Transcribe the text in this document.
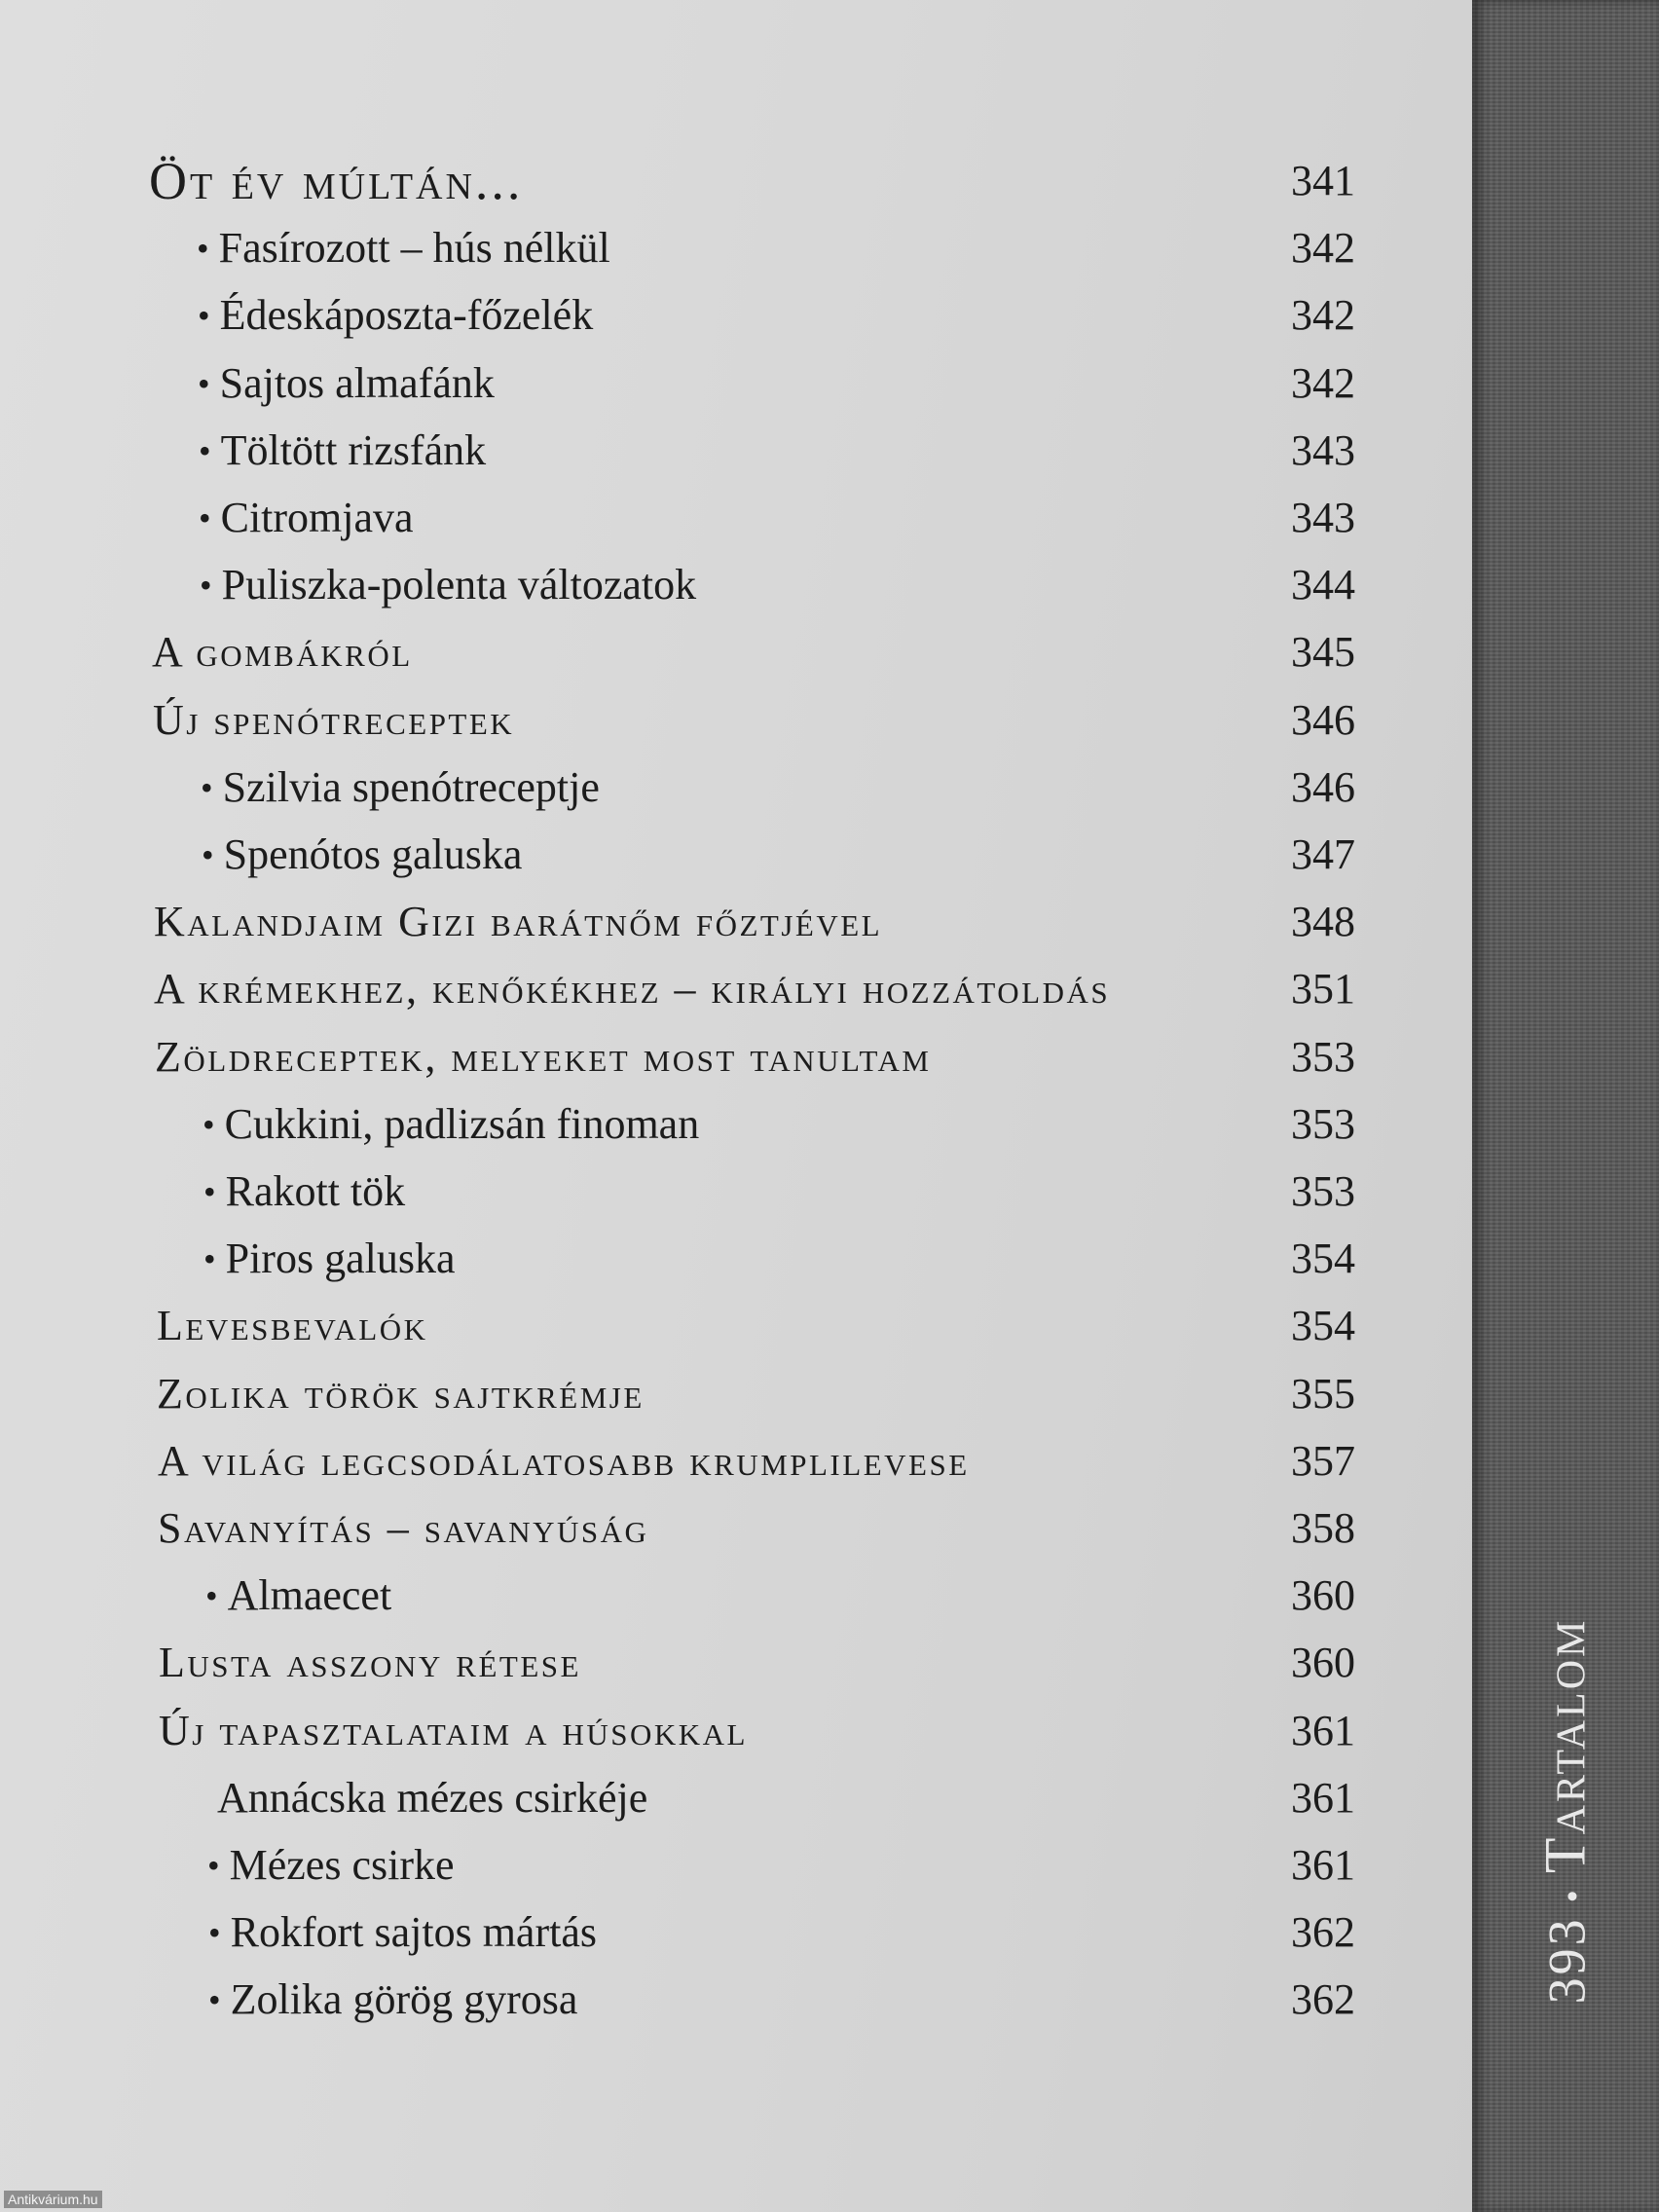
Öt év múltán...	341
• Fasírozott – hús nélkül	342
• Édeskáposzta-főzelék	342
• Sajtos almafánk	342
• Töltött rizsfánk	343
• Citromjava	343
• Puliszka-polenta változatok	344
A gombákról	345
Új spenótreceptek	346
• Szilvia spenótreceptje	346
• Spenótos galuska	347
Kalandjaim Gizi barátnőm főztjével	348
A krémekhez, kenőkékhez – királyi hozzátoldás	351
Zöldreceptek, melyeket most tanultam	353
• Cukkini, padlizsán finoman	353
• Rakott tök	353
• Piros galuska	354
Levesbevalók	354
Zolika török sajtkrémje	355
A világ legcsodálatosabb krumplilevese	357
Savanyítás – savanyúság	358
• Almaecet	360
Lusta asszony rétese	360
Új tapasztalataim a húsokkal	361
Annácska mézes csirkéje	361
• Mézes csirke	361
• Rokfort sajtos mártás	362
• Zolika görög gyrosa	362	393•Tartalom
Antikvárium.hu
